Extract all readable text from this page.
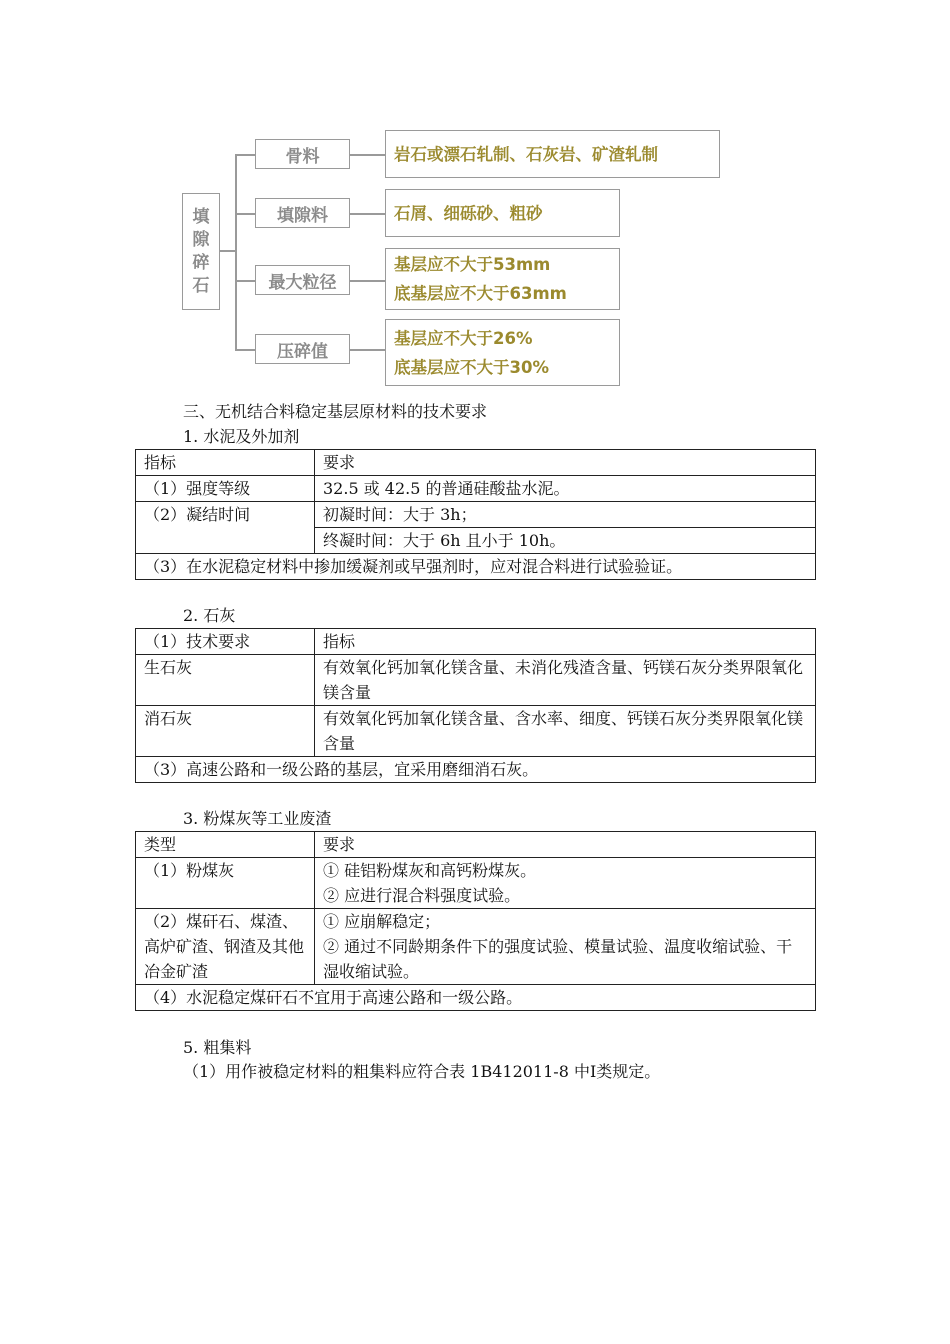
填
隙
碎
石
骨料	岩石或漂石轧制、石灰岩、矿渣轧制
填隙料	石屑、细砾砂、粗砂
最大粒径
基层应不大于53mm
底基层应不大于63mm
压碎值
基层应不大于26%
底基层应不大于30%
三、无机结合料稳定基层原材料的技术要求
1. 水泥及外加剂
指标	要求
（1）强度等级	32.5 或 42.5 的普通硅酸盐水泥。
（2）凝结时间	初凝时间：大于 3h；
终凝时间：大于 6h 且小于 10h。

（3）在水泥稳定材料中掺加缓凝剂或早强剂时，应对混合料进行试验验证。	
2. 石灰
（1）技术要求	指标
生石灰	有效氧化钙加氧化镁含量、未消化残渣含量、钙镁石灰分类界限氧化镁含量
消石灰	有效氧化钙加氧化镁含量、含水率、细度、钙镁石灰分类界限氧化镁含量
（3）高速公路和一级公路的基层，宜采用磨细消石灰。	
3. 粉煤灰等工业废渣
类型	要求
（1）粉煤灰	① 硅铝粉煤灰和高钙粉煤灰。
② 应进行混合料强度试验。

（2）煤矸石、煤渣、高炉矿渣、钢渣及其他冶金矿渣	① 应崩解稳定；
② 通过不同龄期条件下的强度试验、模量试验、温度收缩试验、干湿收缩试验。

（4）水泥稳定煤矸石不宜用于高速公路和一级公路。	
5. 粗集料
（1）用作被稳定材料的粗集料应符合表 1B412011-8 中Ⅰ类规定。
